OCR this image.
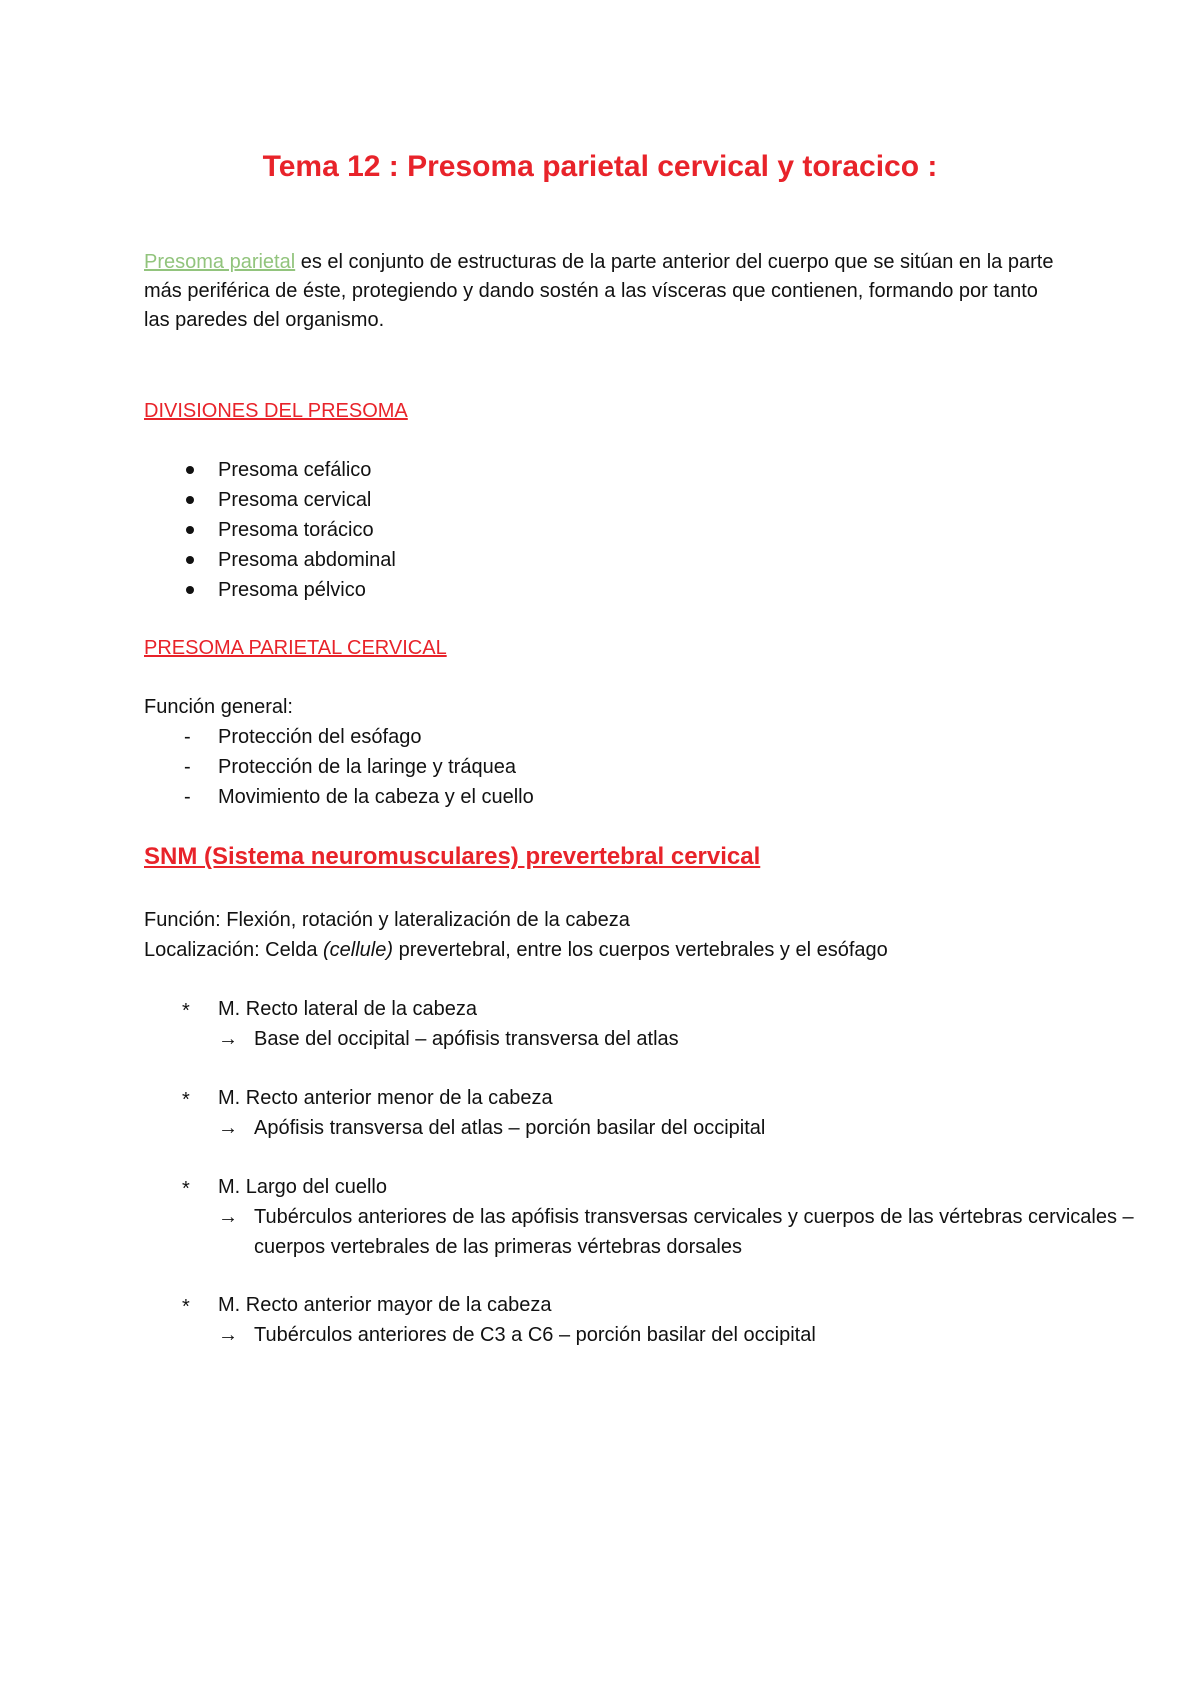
Tema 12 : Presoma parietal cervical y toracico :
Presoma parietal es el conjunto de estructuras de la parte anterior del cuerpo que se sitúan en la parte más periférica de éste, protegiendo y dando sostén a las vísceras que contienen, formando por tanto las paredes del organismo.
DIVISIONES DEL PRESOMA
Presoma cefálico
Presoma cervical
Presoma torácico
Presoma abdominal
Presoma pélvico
PRESOMA PARIETAL CERVICAL
Función general:
- Protección del esófago
- Protección de la laringe y tráquea
- Movimiento de la cabeza y el cuello
SNM (Sistema neuromusculares) prevertebral cervical
Función: Flexión, rotación y lateralización de la cabeza
Localización: Celda (cellule) prevertebral, entre los cuerpos vertebrales y el esófago
* M. Recto lateral de la cabeza
→ Base del occipital – apófisis transversa del atlas
* M. Recto anterior menor de la cabeza
→ Apófisis transversa del atlas – porción basilar del occipital
* M. Largo del cuello
→ Tubérculos anteriores de las apófisis transversas cervicales y cuerpos de las vértebras cervicales – cuerpos vertebrales de las primeras vértebras dorsales
* M. Recto anterior mayor de la cabeza
→ Tubérculos anteriores de C3 a C6 – porción basilar del occipital
